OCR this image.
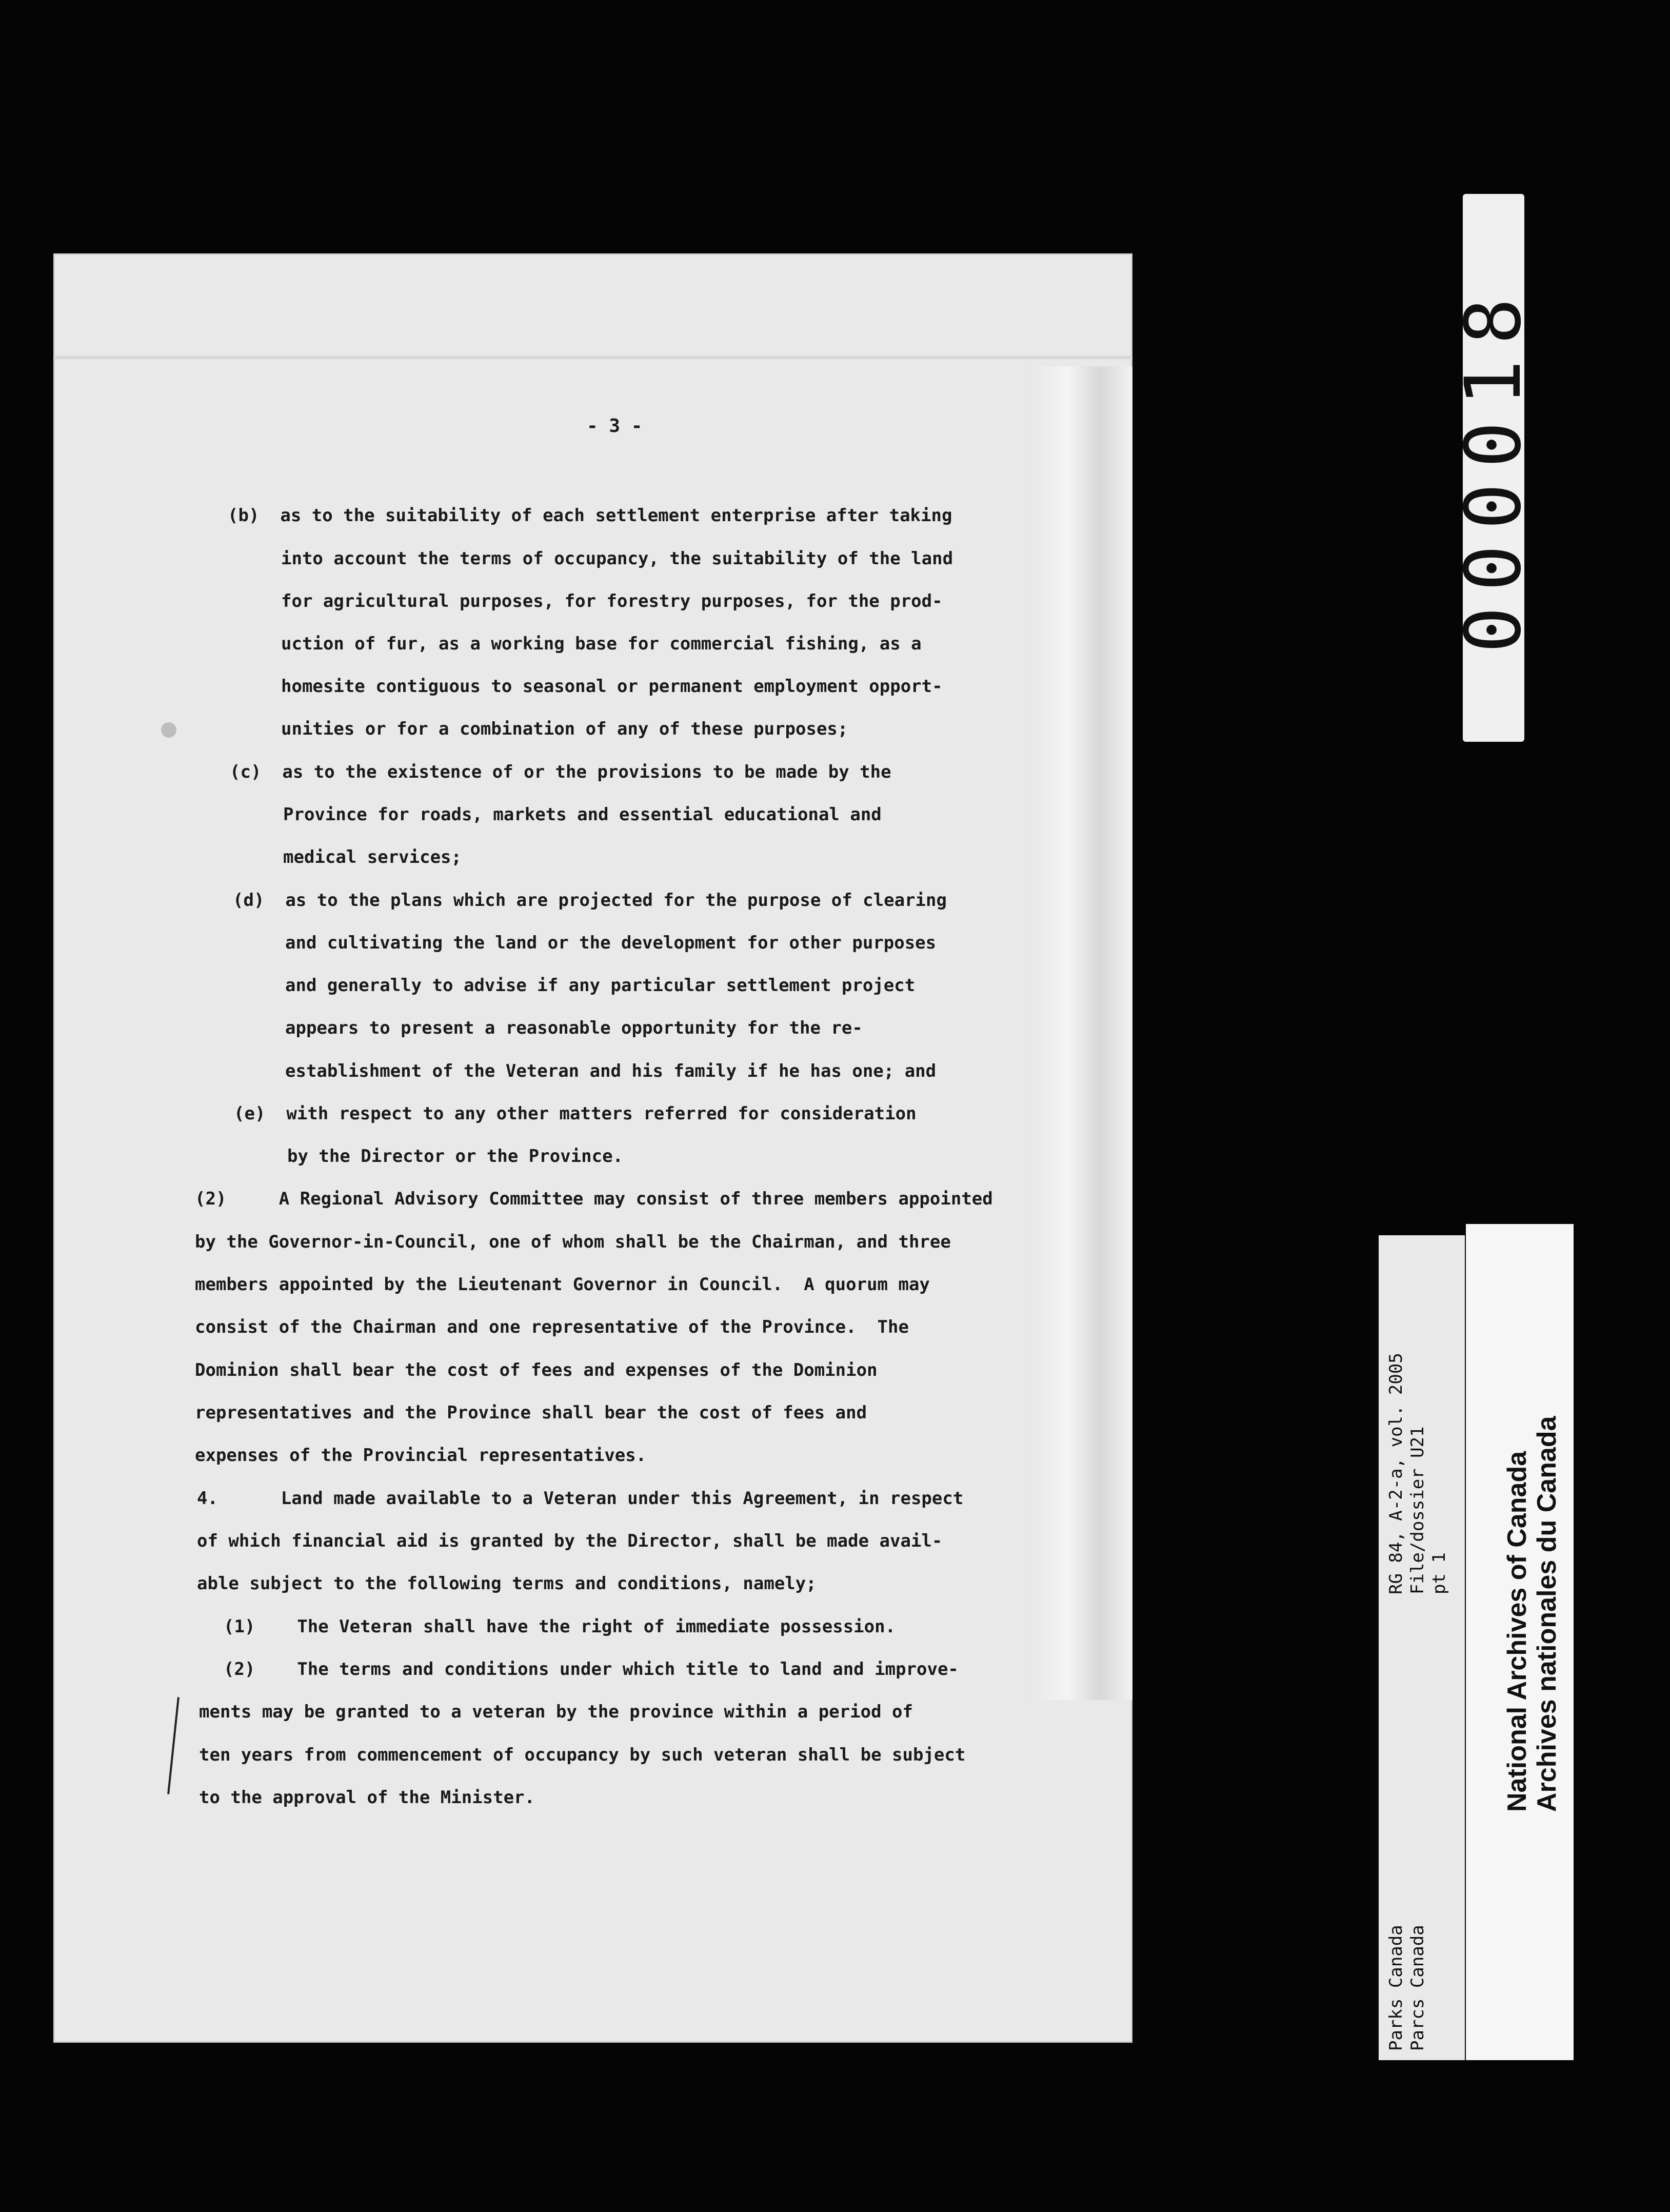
- 3 -
(b)  as to the suitability of each settlement enterprise after taking
into account the terms of occupancy, the suitability of the land
for agricultural purposes, for forestry purposes, for the prod-
uction of fur, as a working base for commercial fishing, as a
homesite contiguous to seasonal or permanent employment opport-
unities or for a combination of any of these purposes;
(c)  as to the existence of or the provisions to be made by the
Province for roads, markets and essential educational and
medical services;
(d)  as to the plans which are projected for the purpose of clearing
and cultivating the land or the development for other purposes
and generally to advise if any particular settlement project
appears to present a reasonable opportunity for the re-
establishment of the Veteran and his family if he has one; and
(e)  with respect to any other matters referred for consideration
by the Director or the Province.
(2)     A Regional Advisory Committee may consist of three members appointed
by the Governor-in-Council, one of whom shall be the Chairman, and three
members appointed by the Lieutenant Governor in Council.  A quorum may
consist of the Chairman and one representative of the Province.  The
Dominion shall bear the cost of fees and expenses of the Dominion
representatives and the Province shall bear the cost of fees and
expenses of the Provincial representatives.
4.      Land made available to a Veteran under this Agreement, in respect
of which financial aid is granted by the Director, shall be made avail-
able subject to the following terms and conditions, namely;
(1)    The Veteran shall have the right of immediate possession.
(2)    The terms and conditions under which title to land and improve-
ments may be granted to a veteran by the province within a period of
ten years from commencement of occupancy by such veteran shall be subject
to the approval of the Minister.
000018
RG 84, A-2-a, vol. 2005 File/dossier U21 pt 1
Parks Canada Parcs Canada
National Archives of Canada Archives nationales du Canada
